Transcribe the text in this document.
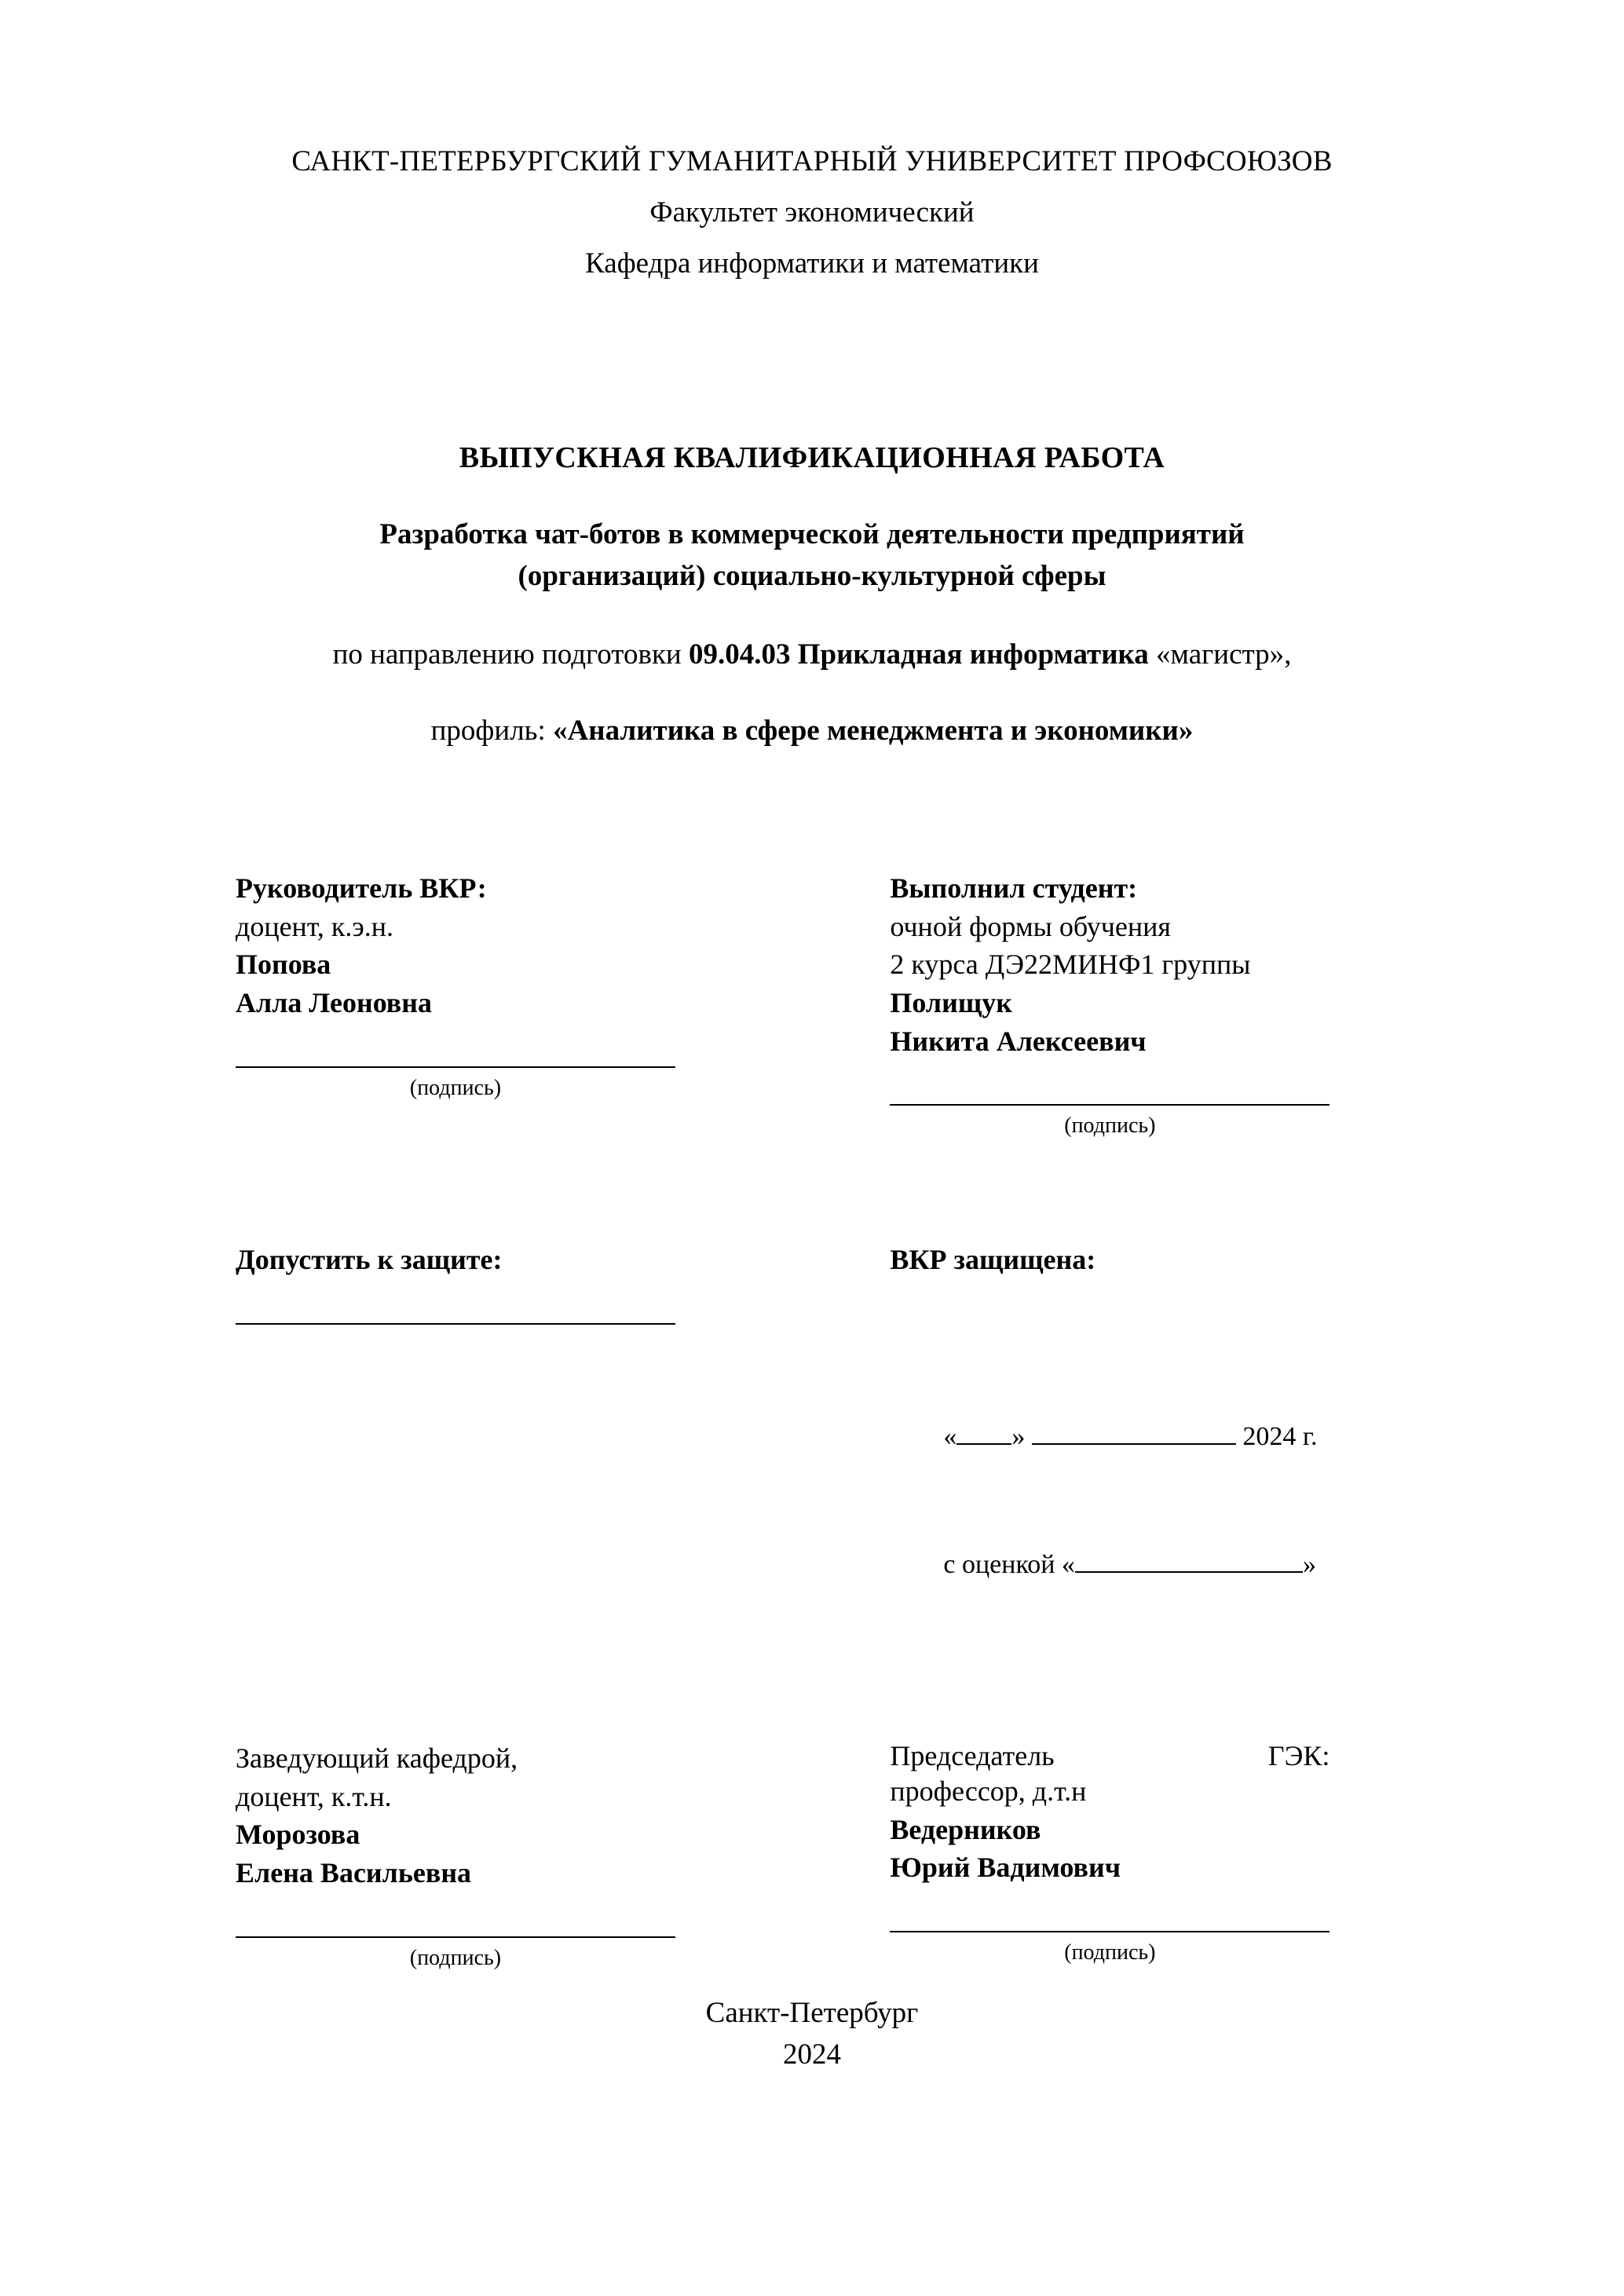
САНКТ-ПЕТЕРБУРГСКИЙ ГУМАНИТАРНЫЙ УНИВЕРСИТЕТ ПРОФСОЮЗОВ
Факультет экономический
Кафедра информатики и математики
ВЫПУСКНАЯ КВАЛИФИКАЦИОННАЯ РАБОТА
Разработка чат-ботов в коммерческой деятельности предприятий
(организаций) социально-культурной сферы
по направлению подготовки 09.04.03 Прикладная информатика «магистр»,
профиль: «Аналитика в сфере менеджмента и экономики»
Руководитель ВКР:
доцент, к.э.н.
Попова
Алла Леоновна
(подпись)
Выполнил студент:
очной формы обучения
2 курса ДЭ22МИНФ1 группы
Полищук
Никита Алексеевич
(подпись)
Допустить к защите:	ВКР защищена:

« »	2024 г.

с оценкой «	»

Заведующий кафедрой,
доцент, к.т.н.
Морозова
Елена Васильевна
(подпись)
Председатель	ГЭК:
профессор, д.т.н
Ведерников
Юрий Вадимович
(подпись)
Санкт-Петербург
2024
